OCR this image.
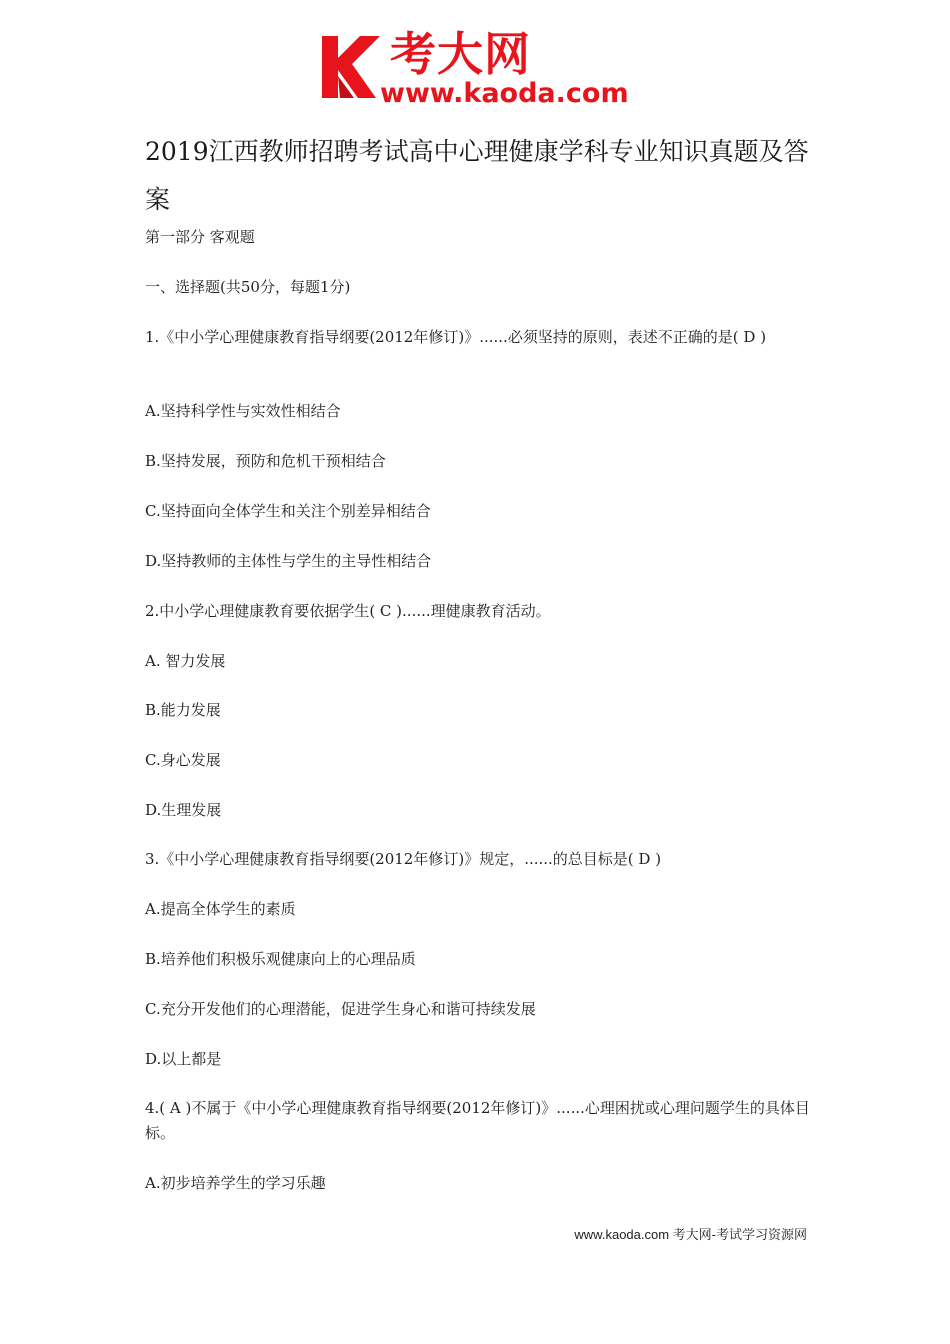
考大网
www.kaoda.com
2019江西教师招聘考试高中心理健康学科专业知识真题及答案
第一部分 客观题
一、选择题(共50分，每题1分)
1.《中小学心理健康教育指导纲要(2012年修订)》......必须坚持的原则，表述不正确的是( D )
A.坚持科学性与实效性相结合
B.坚持发展，预防和危机干预相结合
C.坚持面向全体学生和关注个别差异相结合
D.坚持教师的主体性与学生的主导性相结合
2.中小学心理健康教育要依据学生( C )......理健康教育活动。
A. 智力发展
B.能力发展
C.身心发展
D.生理发展
3.《中小学心理健康教育指导纲要(2012年修订)》规定，......的总目标是( D )
A.提高全体学生的素质
B.培养他们积极乐观健康向上的心理品质
C.充分开发他们的心理潜能，促进学生身心和谐可持续发展
D.以上都是
4.( A )不属于《中小学心理健康教育指导纲要(2012年修订)》......心理困扰或心理问题学生的具体目标。
A.初步培养学生的学习乐趣
www.kaoda.com 考大网-考试学习资源网
